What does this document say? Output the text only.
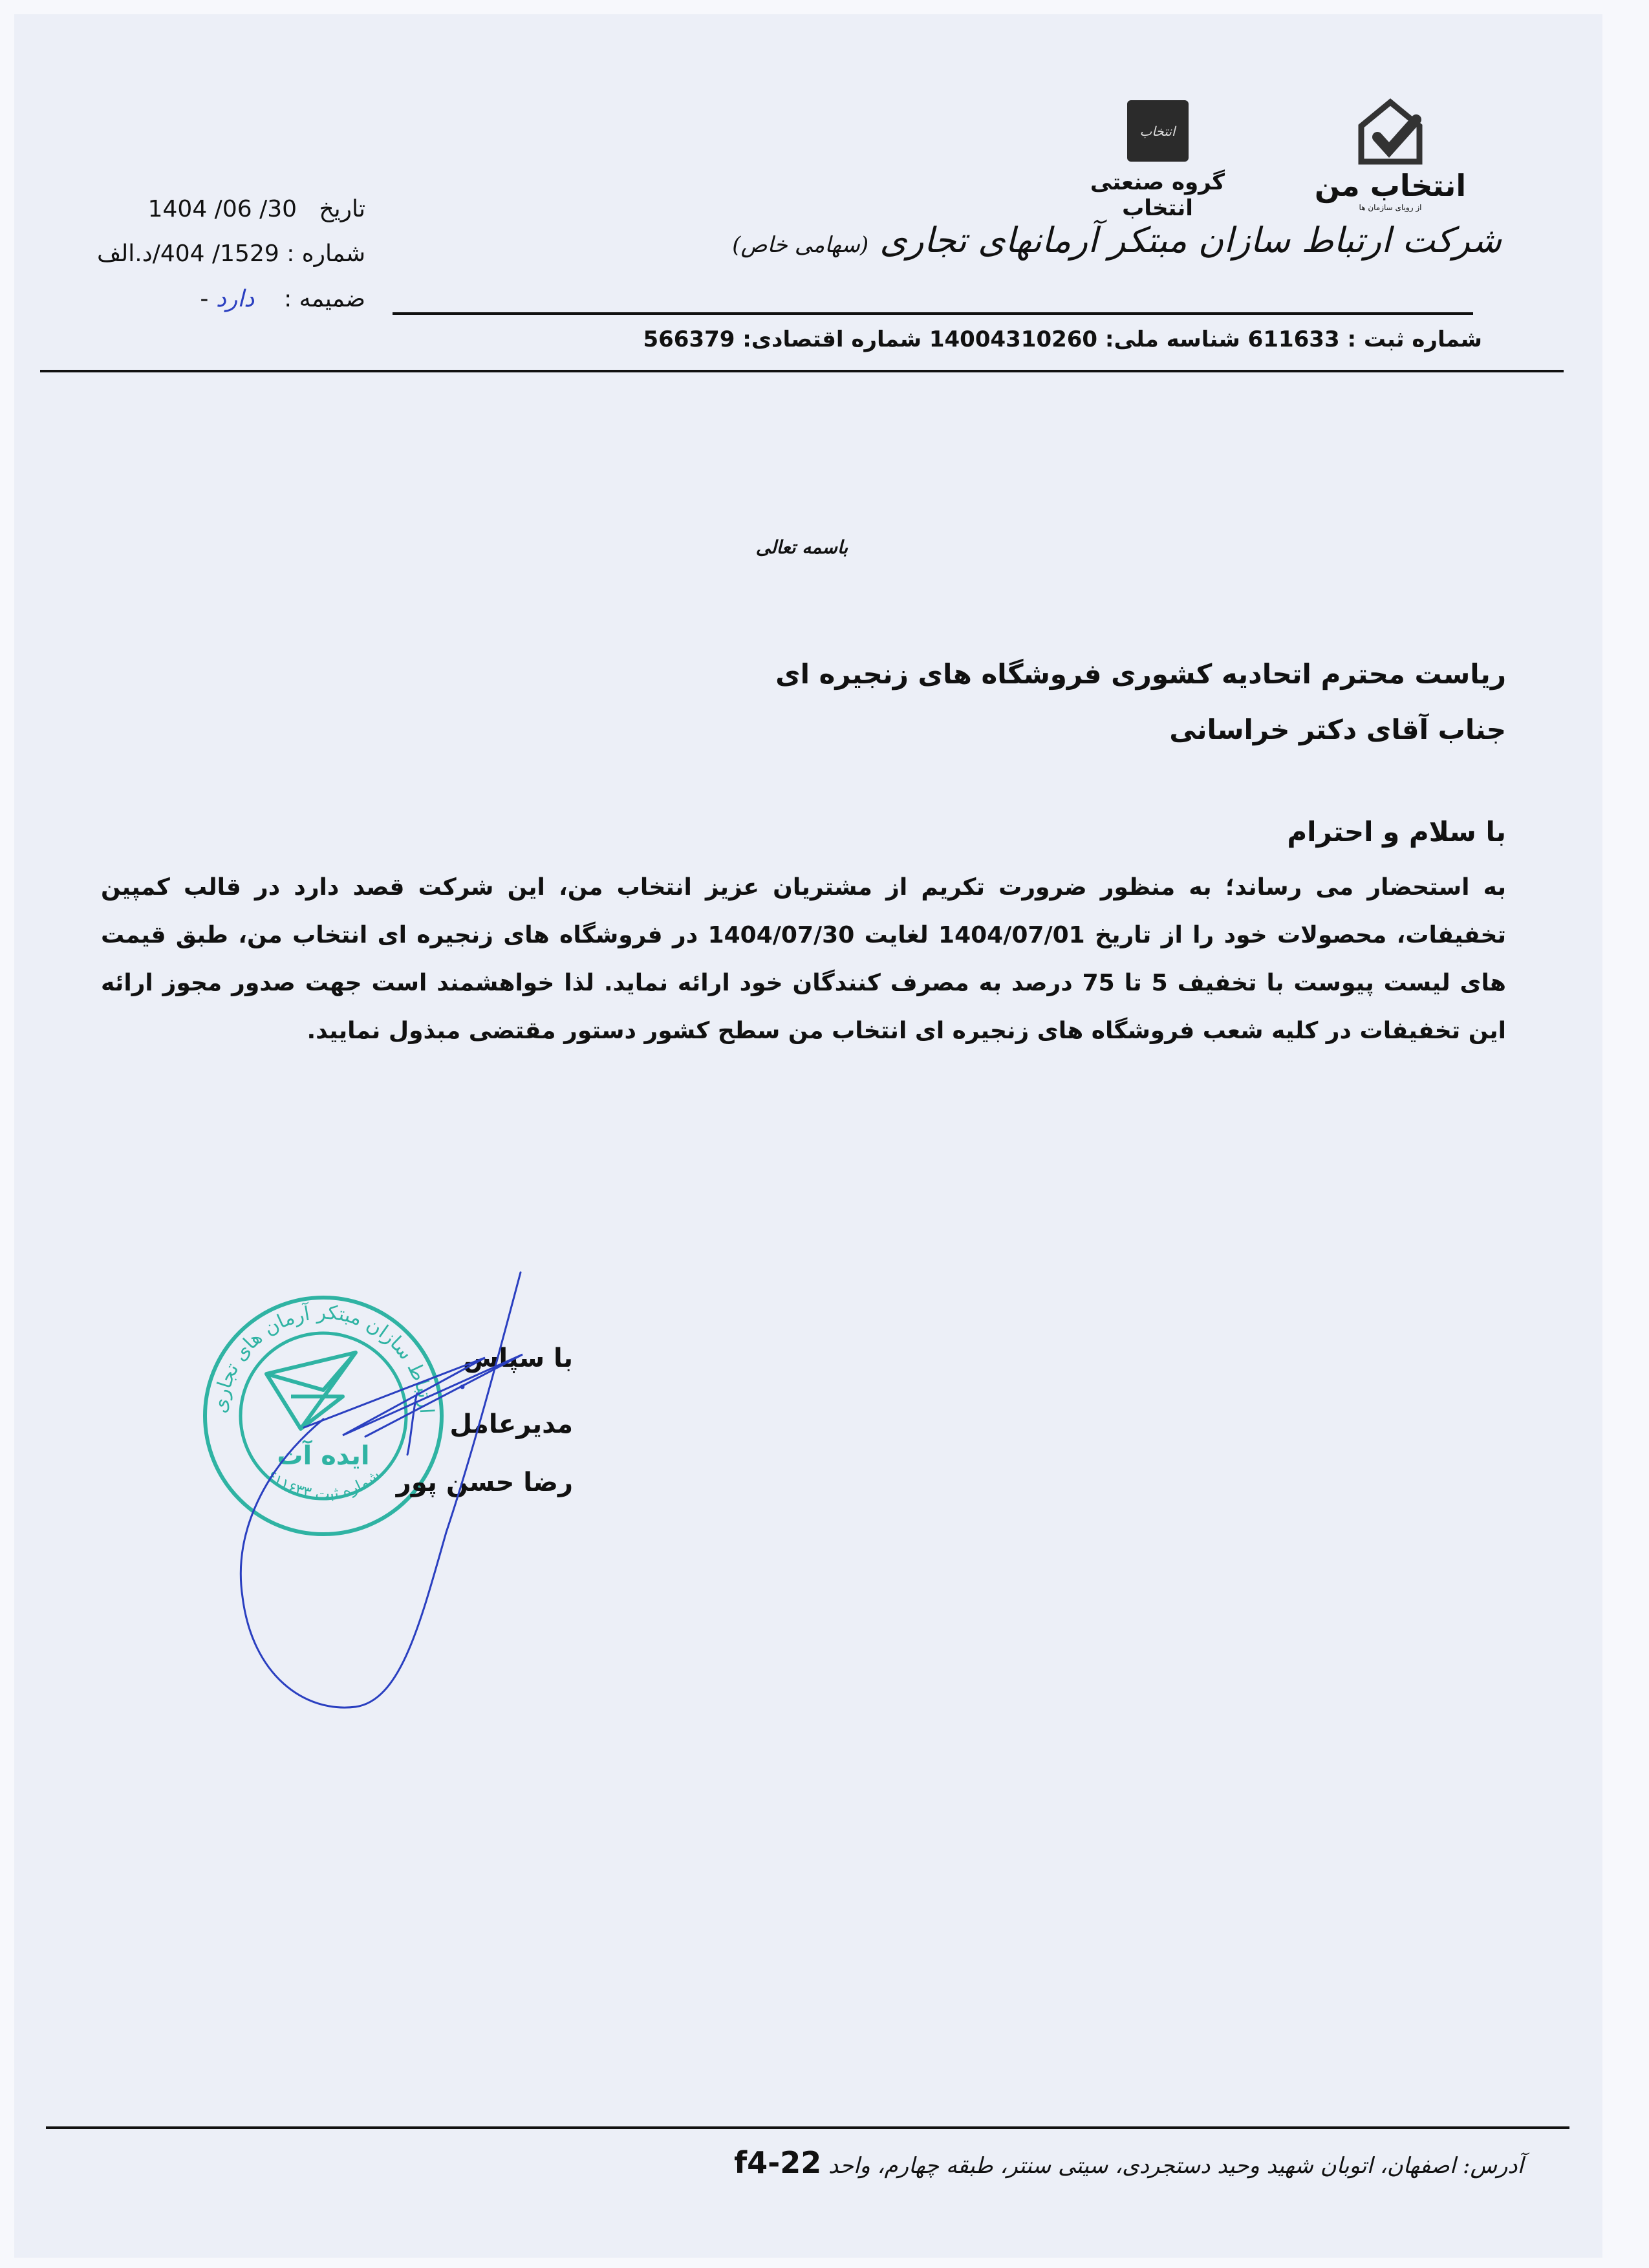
انتخاب من
از رویای سازمان ها
انتخاب
گروه صنعتی انتخاب
شرکت ارتباط سازان مبتکر آرمانهای تجاری (سهامی خاص)
شماره ثبت : 611633 شناسه ملی: 14004310260 شماره اقتصادی: 566379
تاریخ   1404 /06 /30
شماره : 1529/ 404/د.الف
ضمیمه :    دارد -
باسمه تعالی
ریاست محترم اتحادیه کشوری فروشگاه های زنجیره ای
جناب آقای دکتر خراسانی
با سلام و احترام

به استحضار می رساند؛ به منظور ضرورت تکریم از مشتریان عزیز انتخاب من، این شرکت قصد دارد در قالب کمپین تخفیفات، محصولات خود را از تاریخ 1404/07/01 لغایت 1404/07/30 در فروشگاه های زنجیره ای انتخاب من، طبق قیمت های لیست پیوست با تخفیف 5 تا 75 درصد به مصرف کنندگان خود ارائه نماید. لذا خواهشمند است جهت صدور مجوز ارائه این تخفیفات در کلیه شعب فروشگاه های زنجیره ای انتخاب من سطح کشور دستور مقتضی مبذول نمایید.

ارتباط سازان مبتکر آرمان های تجاری
شماره ثبت ۶۱۱۶۳۳
ایده آت
با سپاس
مدیرعامل
رضا حسن پور
آدرس: اصفهان، اتوبان شهید وحید دستجردی، سیتی سنتر، طبقه چهارم، واحد f4-22
